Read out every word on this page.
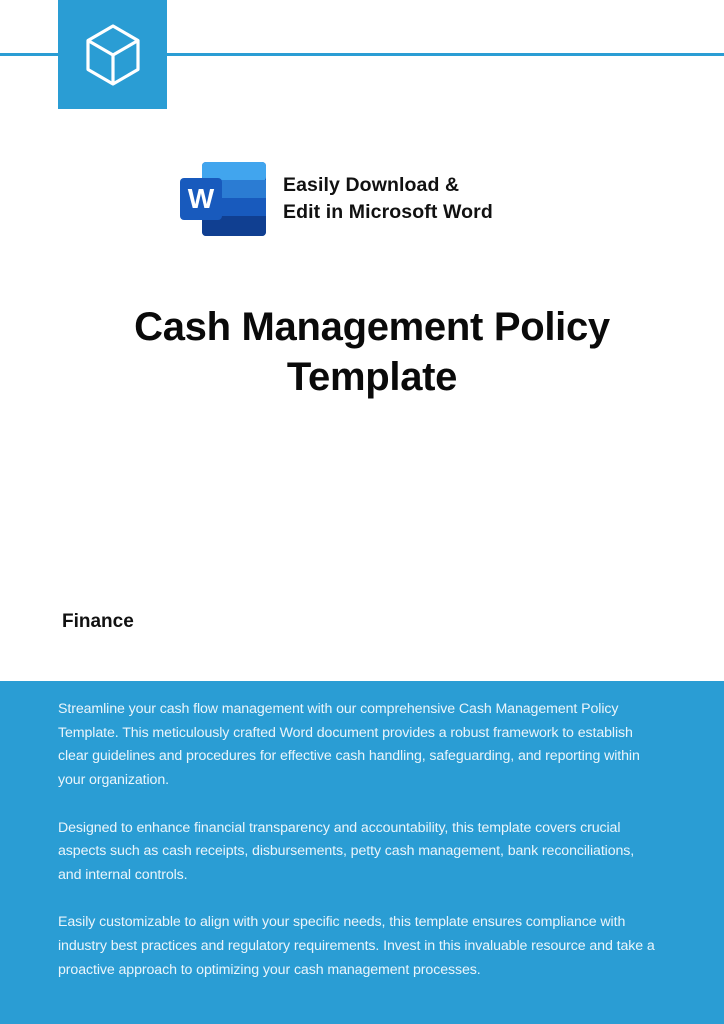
W	Easily Download &
Edit in Microsoft Word
Cash Management Policy
Template
Finance

Streamline your cash flow management with our comprehensive Cash Management Policy Template. This meticulously crafted Word document provides a robust framework to establish clear guidelines and procedures for effective cash handling, safeguarding, and reporting within your organization.

Designed to enhance financial transparency and accountability, this template covers crucial aspects such as cash receipts, disbursements, petty cash management, bank reconciliations, and internal controls.

Easily customizable to align with your specific needs, this template ensures compliance with industry best practices and regulatory requirements. Invest in this invaluable resource and take a proactive approach to optimizing your cash management processes.
